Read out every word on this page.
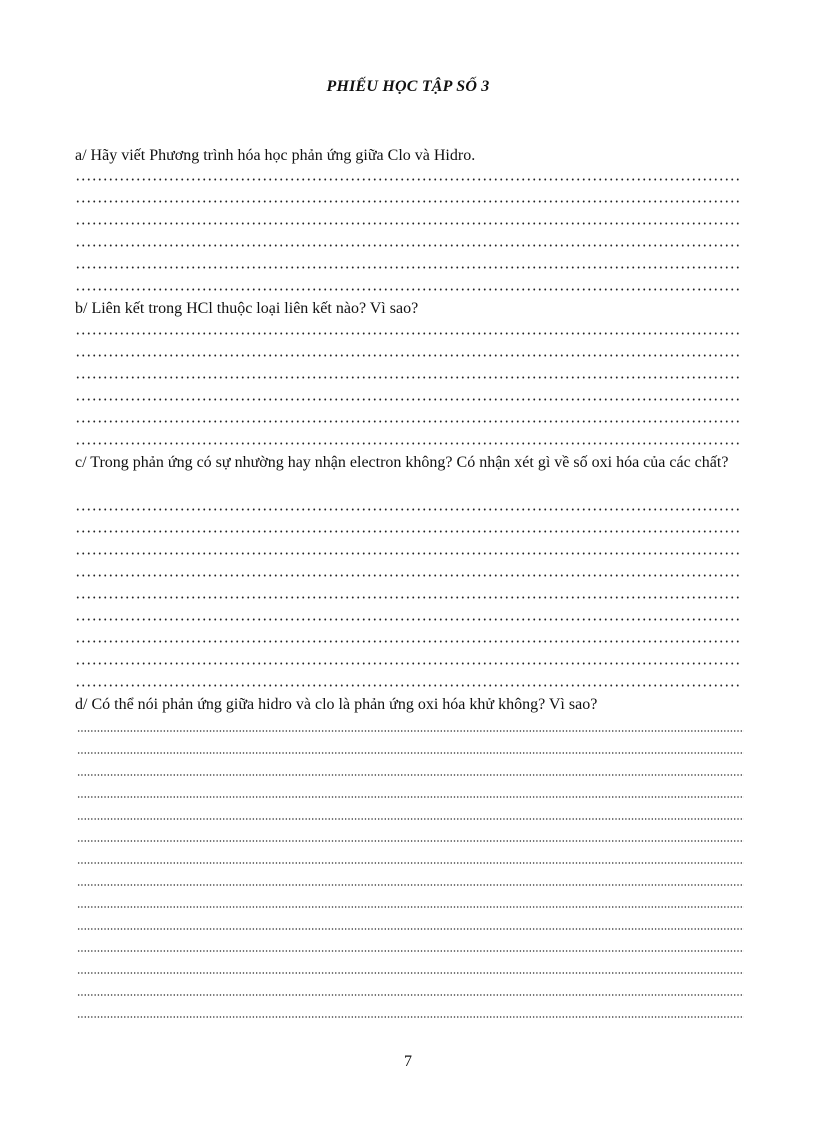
PHIẾU HỌC TẬP SỐ 3
a/ Hãy viết Phương trình hóa học phản ứng giữa Clo và Hidro.
b/ Liên kết trong HCl thuộc loại liên kết nào? Vì sao?
c/ Trong phản ứng có sự nhường hay nhận electron không? Có nhận xét gì về số oxi hóa của các chất?
d/ Có thể nói phản ứng giữa hidro và clo là phản ứng oxi hóa khử không? Vì sao?
7
